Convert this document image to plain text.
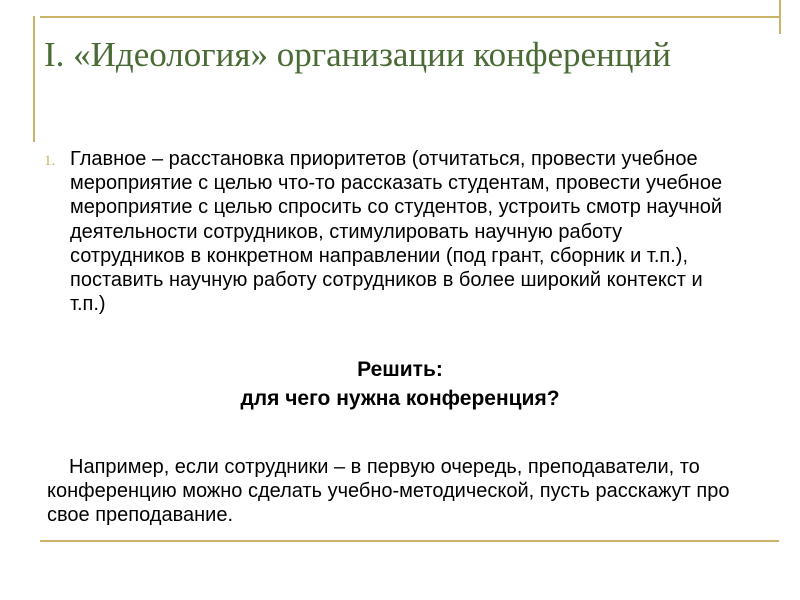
I. «Идеология» организации конференций
1. Главное – расстановка приоритетов (отчитаться, провести учебное мероприятие с целью что-то рассказать студентам, провести учебное мероприятие с целью спросить со студентов, устроить смотр научной деятельности сотрудников, стимулировать научную работу сотрудников в конкретном направлении (под грант, сборник и т.п.), поставить научную работу сотрудников в более широкий контекст и т.п.)
Решить:
для чего нужна конференция?
Например, если сотрудники – в первую очередь, преподаватели, то конференцию можно сделать учебно-методической, пусть расскажут про свое преподавание.
